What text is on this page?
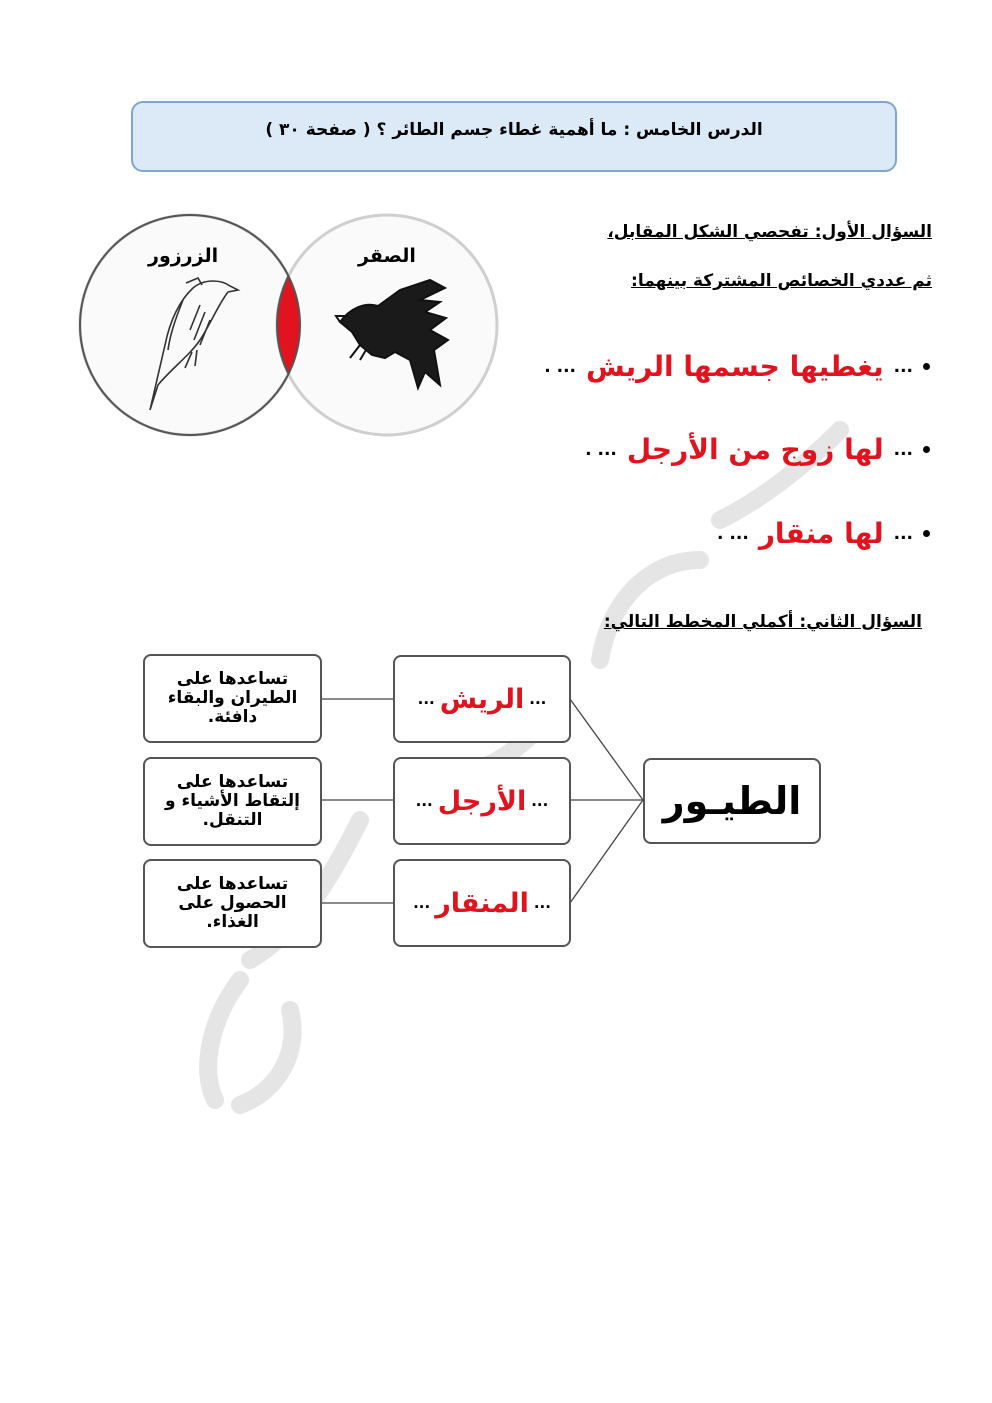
الدرس الخامس : ما أهمية غطاء جسم الطائر ؟ ( صفحة ٣٠ )
السؤال الأول: تفحصي الشكل المقابل،
ثم عددي الخصائص المشتركة بينهما:
الزرزور	الصقر
...
يغطيها جسمها الريش
... .
...
لها زوج من الأرجل
... .
...
لها منقار
... .
السؤال الثاني: أكملي المخطط التالي:
الطيـور
...
الريش
...
...
الأرجل
...
...
المنقار
...
تساعدها على الطيران والبقاء دافئة.
تساعدها على إلتقاط الأشياء و التنقل.
تساعدها على الحصول على الغذاء.
